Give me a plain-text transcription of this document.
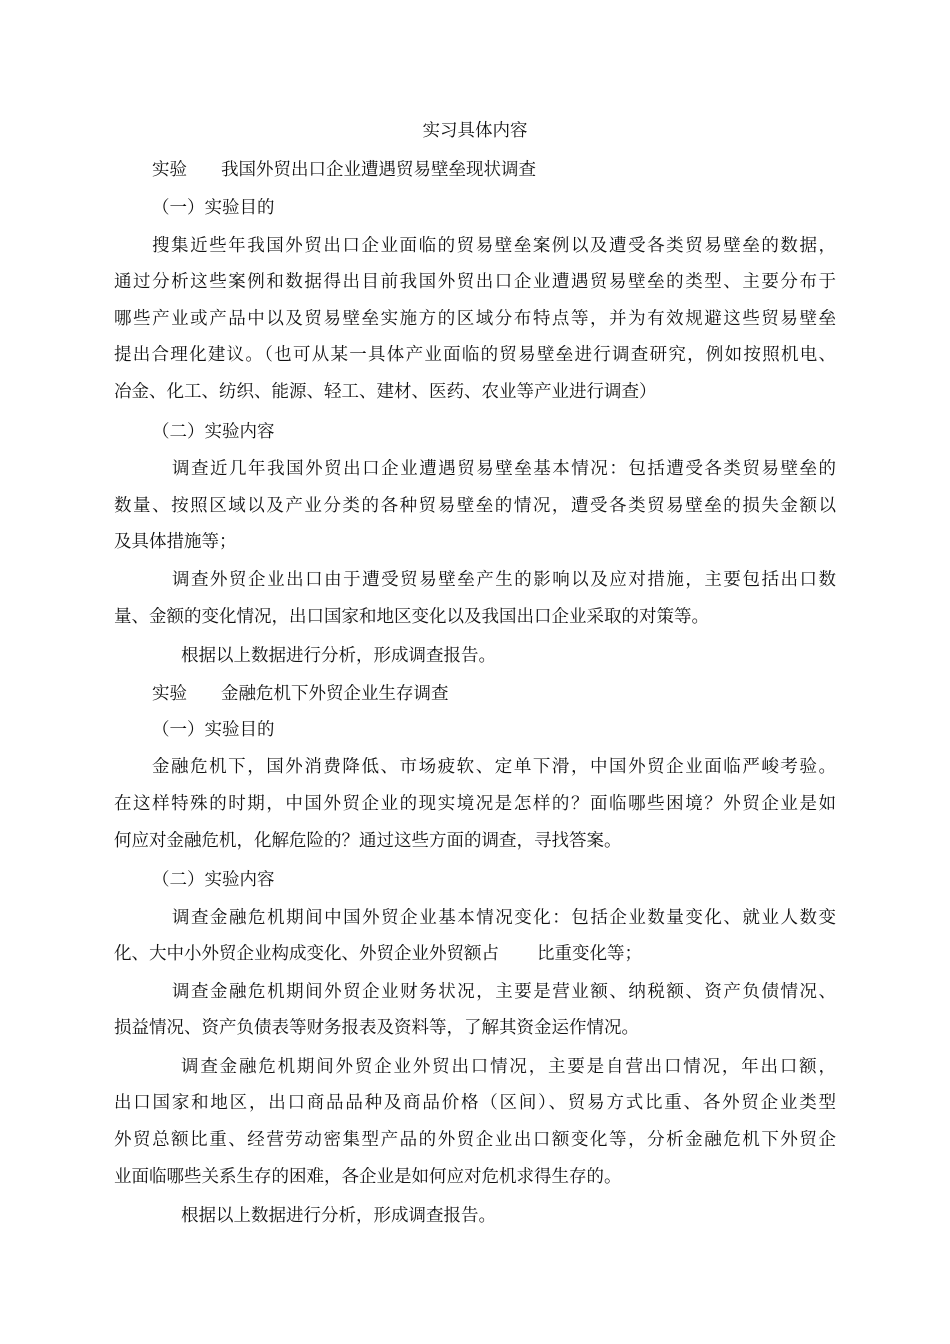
实习具体内容
实验 我国外贸出口企业遭遇贸易壁垒现状调查
（一）实验目的
搜集近些年我国外贸出口企业面临的贸易壁垒案例以及遭受各类贸易壁垒的数据，
通过分析这些案例和数据得出目前我国外贸出口企业遭遇贸易壁垒的类型、主要分布于
哪些产业或产品中以及贸易壁垒实施方的区域分布特点等，并为有效规避这些贸易壁垒
提出合理化建议。（也可从某一具体产业面临的贸易壁垒进行调查研究，例如按照机电、
冶金、化工、纺织、能源、轻工、建材、医药、农业等产业进行调查）
（二）实验内容
调查近几年我国外贸出口企业遭遇贸易壁垒基本情况：包括遭受各类贸易壁垒的
数量、按照区域以及产业分类的各种贸易壁垒的情况，遭受各类贸易壁垒的损失金额以
及具体措施等；
调查外贸企业出口由于遭受贸易壁垒产生的影响以及应对措施，主要包括出口数
量、金额的变化情况，出口国家和地区变化以及我国出口企业采取的对策等。
根据以上数据进行分析，形成调查报告。
实验 金融危机下外贸企业生存调查
（一）实验目的
金融危机下，国外消费降低、市场疲软、定单下滑，中国外贸企业面临严峻考验。
在这样特殊的时期，中国外贸企业的现实境况是怎样的？面临哪些困境？外贸企业是如
何应对金融危机，化解危险的？通过这些方面的调查，寻找答案。
（二）实验内容
调查金融危机期间中国外贸企业基本情况变化：包括企业数量变化、就业人数变
化、大中小外贸企业构成变化、外贸企业外贸额占 比重变化等；
调查金融危机期间外贸企业财务状况，主要是营业额、纳税额、资产负债情况、
损益情况、资产负债表等财务报表及资料等，了解其资金运作情况。
调查金融危机期间外贸企业外贸出口情况，主要是自营出口情况，年出口额，
出口国家和地区，出口商品品种及商品价格（区间）、贸易方式比重、各外贸企业类型
外贸总额比重、经营劳动密集型产品的外贸企业出口额变化等，分析金融危机下外贸企
业面临哪些关系生存的困难，各企业是如何应对危机求得生存的。
根据以上数据进行分析，形成调查报告。
